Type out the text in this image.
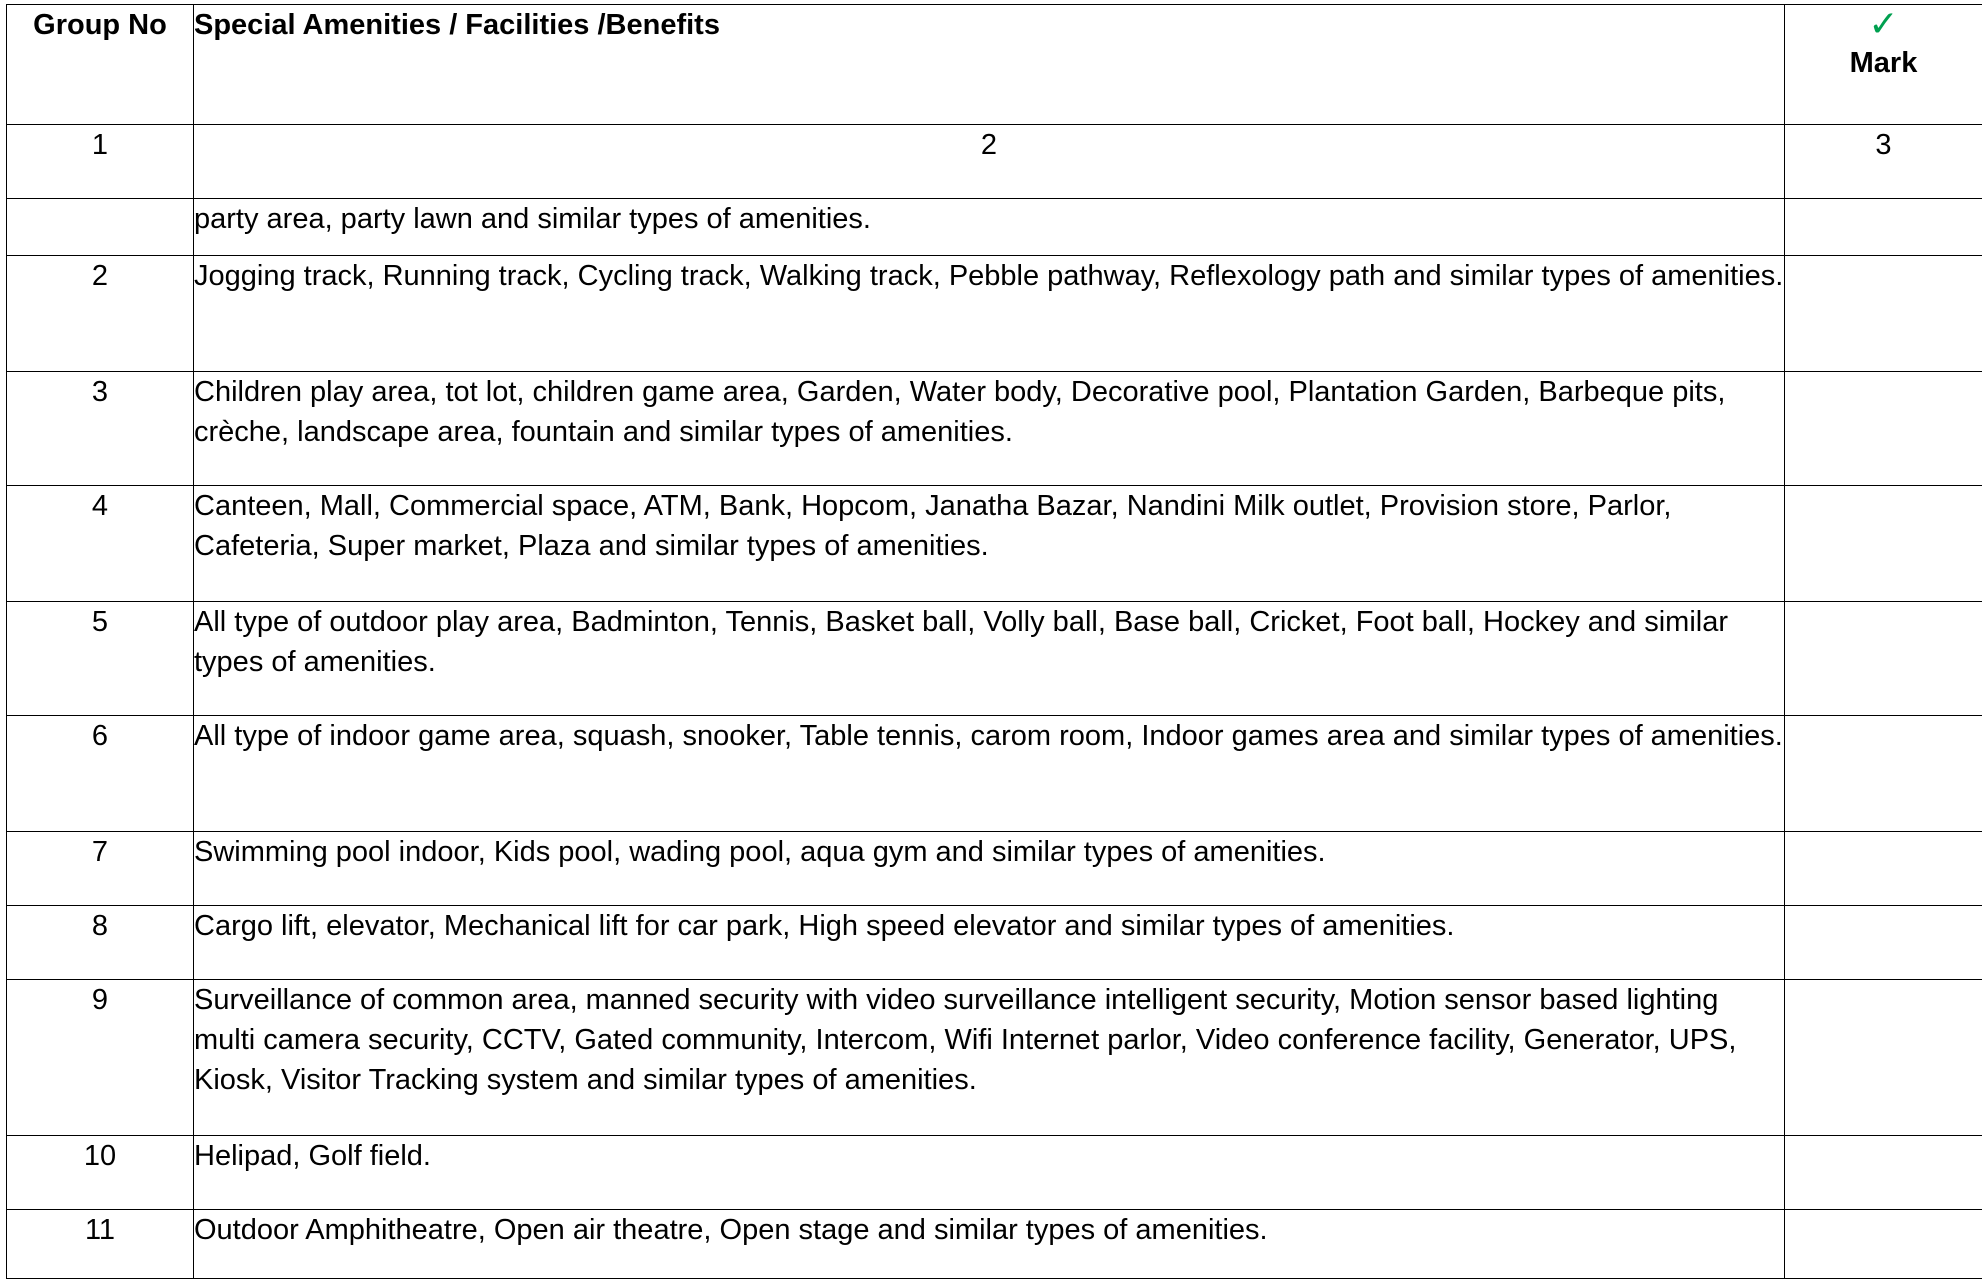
Group No	Special Amenities / Facilities /Benefits	✓
Mark
1	2	3
	party area, party lawn and similar types of amenities.	
2	Jogging track, Running track, Cycling track, Walking track, Pebble pathway, Reflexology path and similar types of amenities.	
3	Children play area, tot lot, children game area, Garden, Water body, Decorative pool, Plantation Garden, Barbeque pits, crèche, landscape area, fountain and similar types of amenities.	
4	Canteen, Mall, Commercial space, ATM, Bank, Hopcom, Janatha Bazar, Nandini Milk outlet, Provision store, Parlor, Cafeteria, Super market, Plaza and similar types of amenities.	
5	All type of outdoor play area, Badminton, Tennis, Basket ball, Volly ball, Base ball, Cricket, Foot ball, Hockey and similar types of amenities.	
6	All type of indoor game area, squash, snooker, Table tennis, carom room, Indoor games area and similar types of amenities.	
7	Swimming pool indoor, Kids pool, wading pool, aqua gym and similar types of amenities.	
8	Cargo lift, elevator, Mechanical lift for car park, High speed elevator and similar types of amenities.	
9	Surveillance of common area, manned security with video surveillance intelligent security, Motion sensor based lighting multi camera security, CCTV, Gated community, Intercom, Wifi Internet parlor, Video conference facility, Generator, UPS, Kiosk, Visitor Tracking system and similar types of amenities.	
10	Helipad, Golf field.	
11	Outdoor Amphitheatre, Open air theatre, Open stage and similar types of amenities.	
